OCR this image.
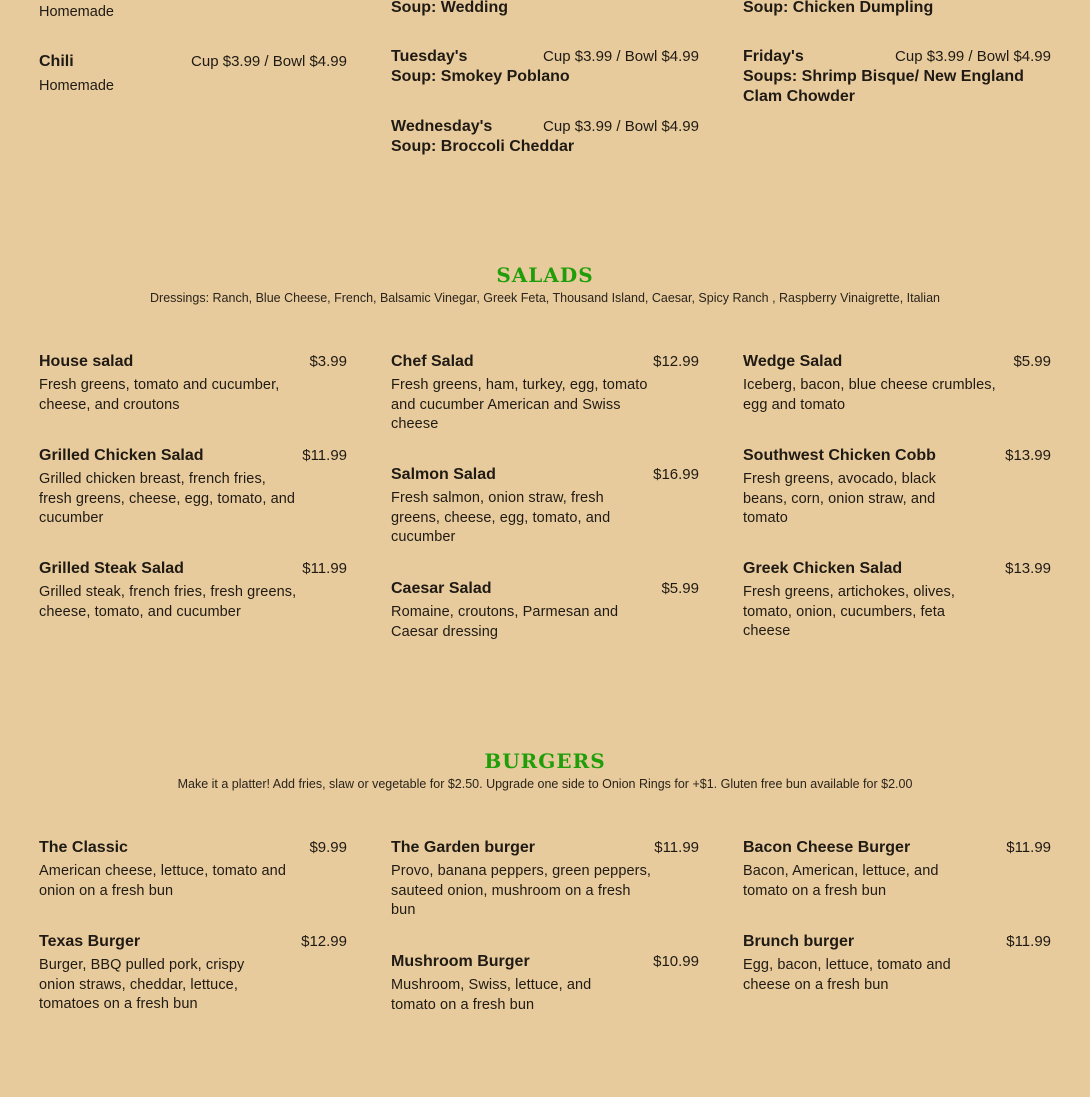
Homemade
Chili	Cup $3.99 / Bowl $4.99
Homemade
Soup: Wedding
Tuesday's	Cup $3.99 / Bowl $4.99
Soup: Smokey Poblano
Wednesday's	Cup $3.99 / Bowl $4.99
Soup: Broccoli Cheddar
Soup: Chicken Dumpling
Friday's	Cup $3.99 / Bowl $4.99
Soups: Shrimp Bisque/ New England Clam Chowder
SALADS
Dressings: Ranch, Blue Cheese, French, Balsamic Vinegar, Greek Feta, Thousand Island, Caesar, Spicy Ranch , Raspberry Vinaigrette, Italian
House salad	$3.99
Fresh greens, tomato and cucumber, cheese, and croutons
Grilled Chicken Salad	$11.99
Grilled chicken breast, french fries, fresh greens, cheese, egg, tomato, and cucumber
Grilled Steak Salad	$11.99
Grilled steak, french fries, fresh greens, cheese, tomato, and cucumber
Chef Salad	$12.99
Fresh greens, ham, turkey, egg, tomato and cucumber American and Swiss cheese
Salmon Salad	$16.99
Fresh salmon, onion straw, fresh greens, cheese, egg, tomato, and cucumber
Caesar Salad	$5.99
Romaine, croutons, Parmesan and Caesar dressing
Wedge Salad	$5.99
Iceberg, bacon, blue cheese crumbles, egg and tomato
Southwest Chicken Cobb	$13.99
Fresh greens, avocado, black beans, corn, onion straw, and tomato
Greek Chicken Salad	$13.99
Fresh greens, artichokes, olives, tomato, onion, cucumbers, feta cheese
BURGERS
Make it a platter! Add fries, slaw or vegetable for $2.50. Upgrade one side to Onion Rings for +$1. Gluten free bun available for $2.00
The Classic	$9.99
American cheese, lettuce, tomato and onion on a fresh bun
Texas Burger	$12.99
Burger, BBQ pulled pork, crispy onion straws, cheddar, lettuce, tomatoes on a fresh bun
The Garden burger	$11.99
Provo, banana peppers, green peppers, sauteed onion, mushroom on a fresh bun
Mushroom Burger	$10.99
Mushroom, Swiss, lettuce, and tomato on a fresh bun
Bacon Cheese Burger	$11.99
Bacon, American, lettuce, and tomato on a fresh bun
Brunch burger	$11.99
Egg, bacon, lettuce, tomato and cheese on a fresh bun
